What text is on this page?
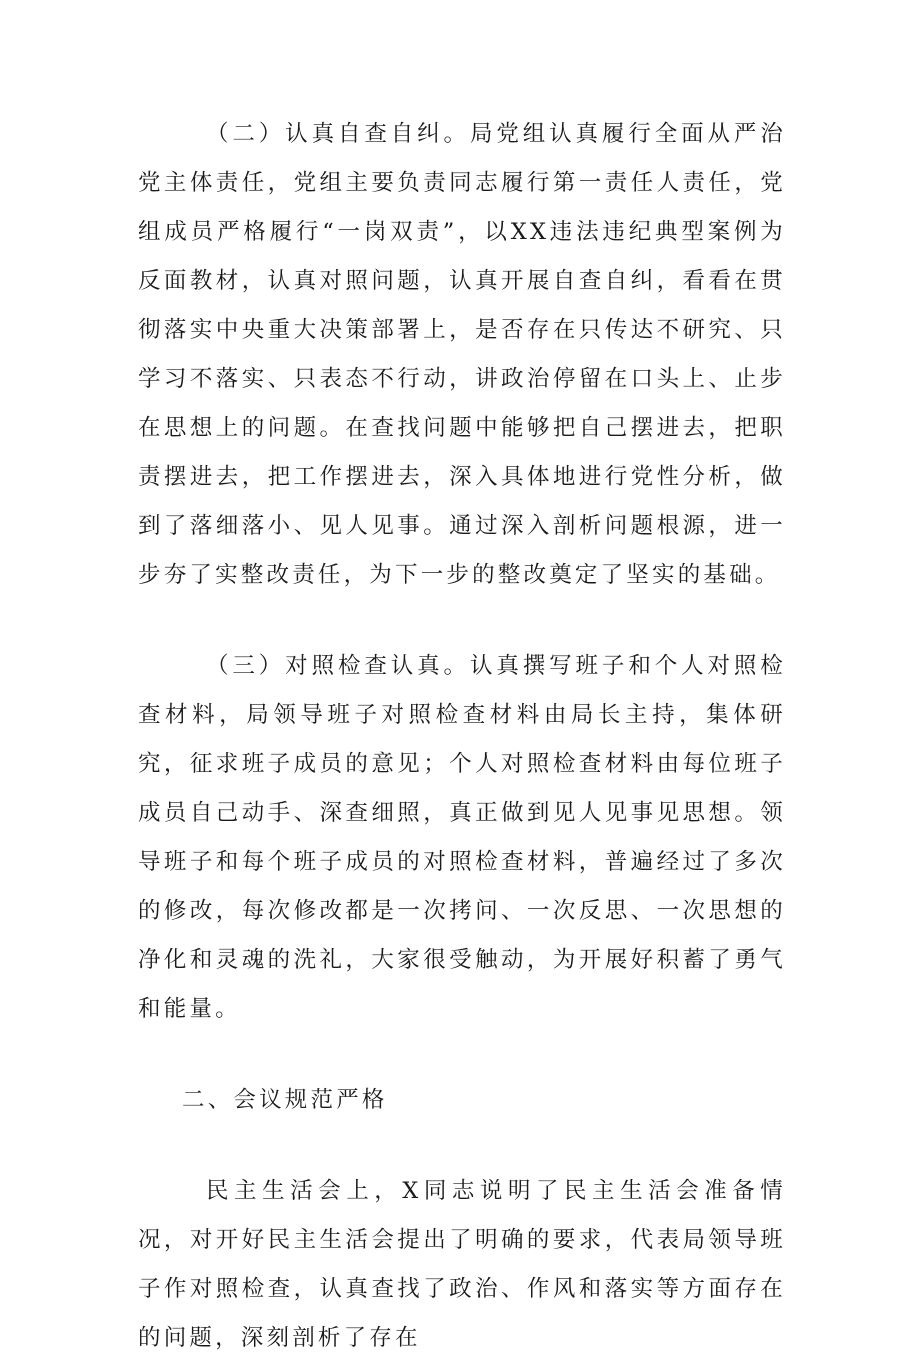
（二）认真自查自纠。局党组认真履行全面从严治党主体责任，党组主要负责同志履行第一责任人责任，党组成员严格履行“一岗双责”，以XX违法违纪典型案例为反面教材，认真对照问题，认真开展自查自纠，看看在贯彻落实中央重大决策部署上，是否存在只传达不研究、只学习不落实、只表态不行动，讲政治停留在口头上、止步在思想上的问题。在查找问题中能够把自己摆进去，把职责摆进去，把工作摆进去，深入具体地进行党性分析，做到了落细落小、见人见事。通过深入剖析问题根源，进一步夯了实整改责任，为下一步的整改奠定了坚实的基础。

（三）对照检查认真。认真撰写班子和个人对照检查材料，局领导班子对照检查材料由局长主持，集体研究，征求班子成员的意见；个人对照检查材料由每位班子成员自己动手、深查细照，真正做到见人见事见思想。领导班子和每个班子成员的对照检查材料，普遍经过了多次的修改，每次修改都是一次拷问、一次反思、一次思想的净化和灵魂的洗礼，大家很受触动，为开展好积蓄了勇气和能量。

二、会议规范严格

民主生活会上，X同志说明了民主生活会准备情况，对开好民主生活会提出了明确的要求，代表局领导班子作对照检查，认真查找了政治、作风和落实等方面存在的问题，深刻剖析了存在
